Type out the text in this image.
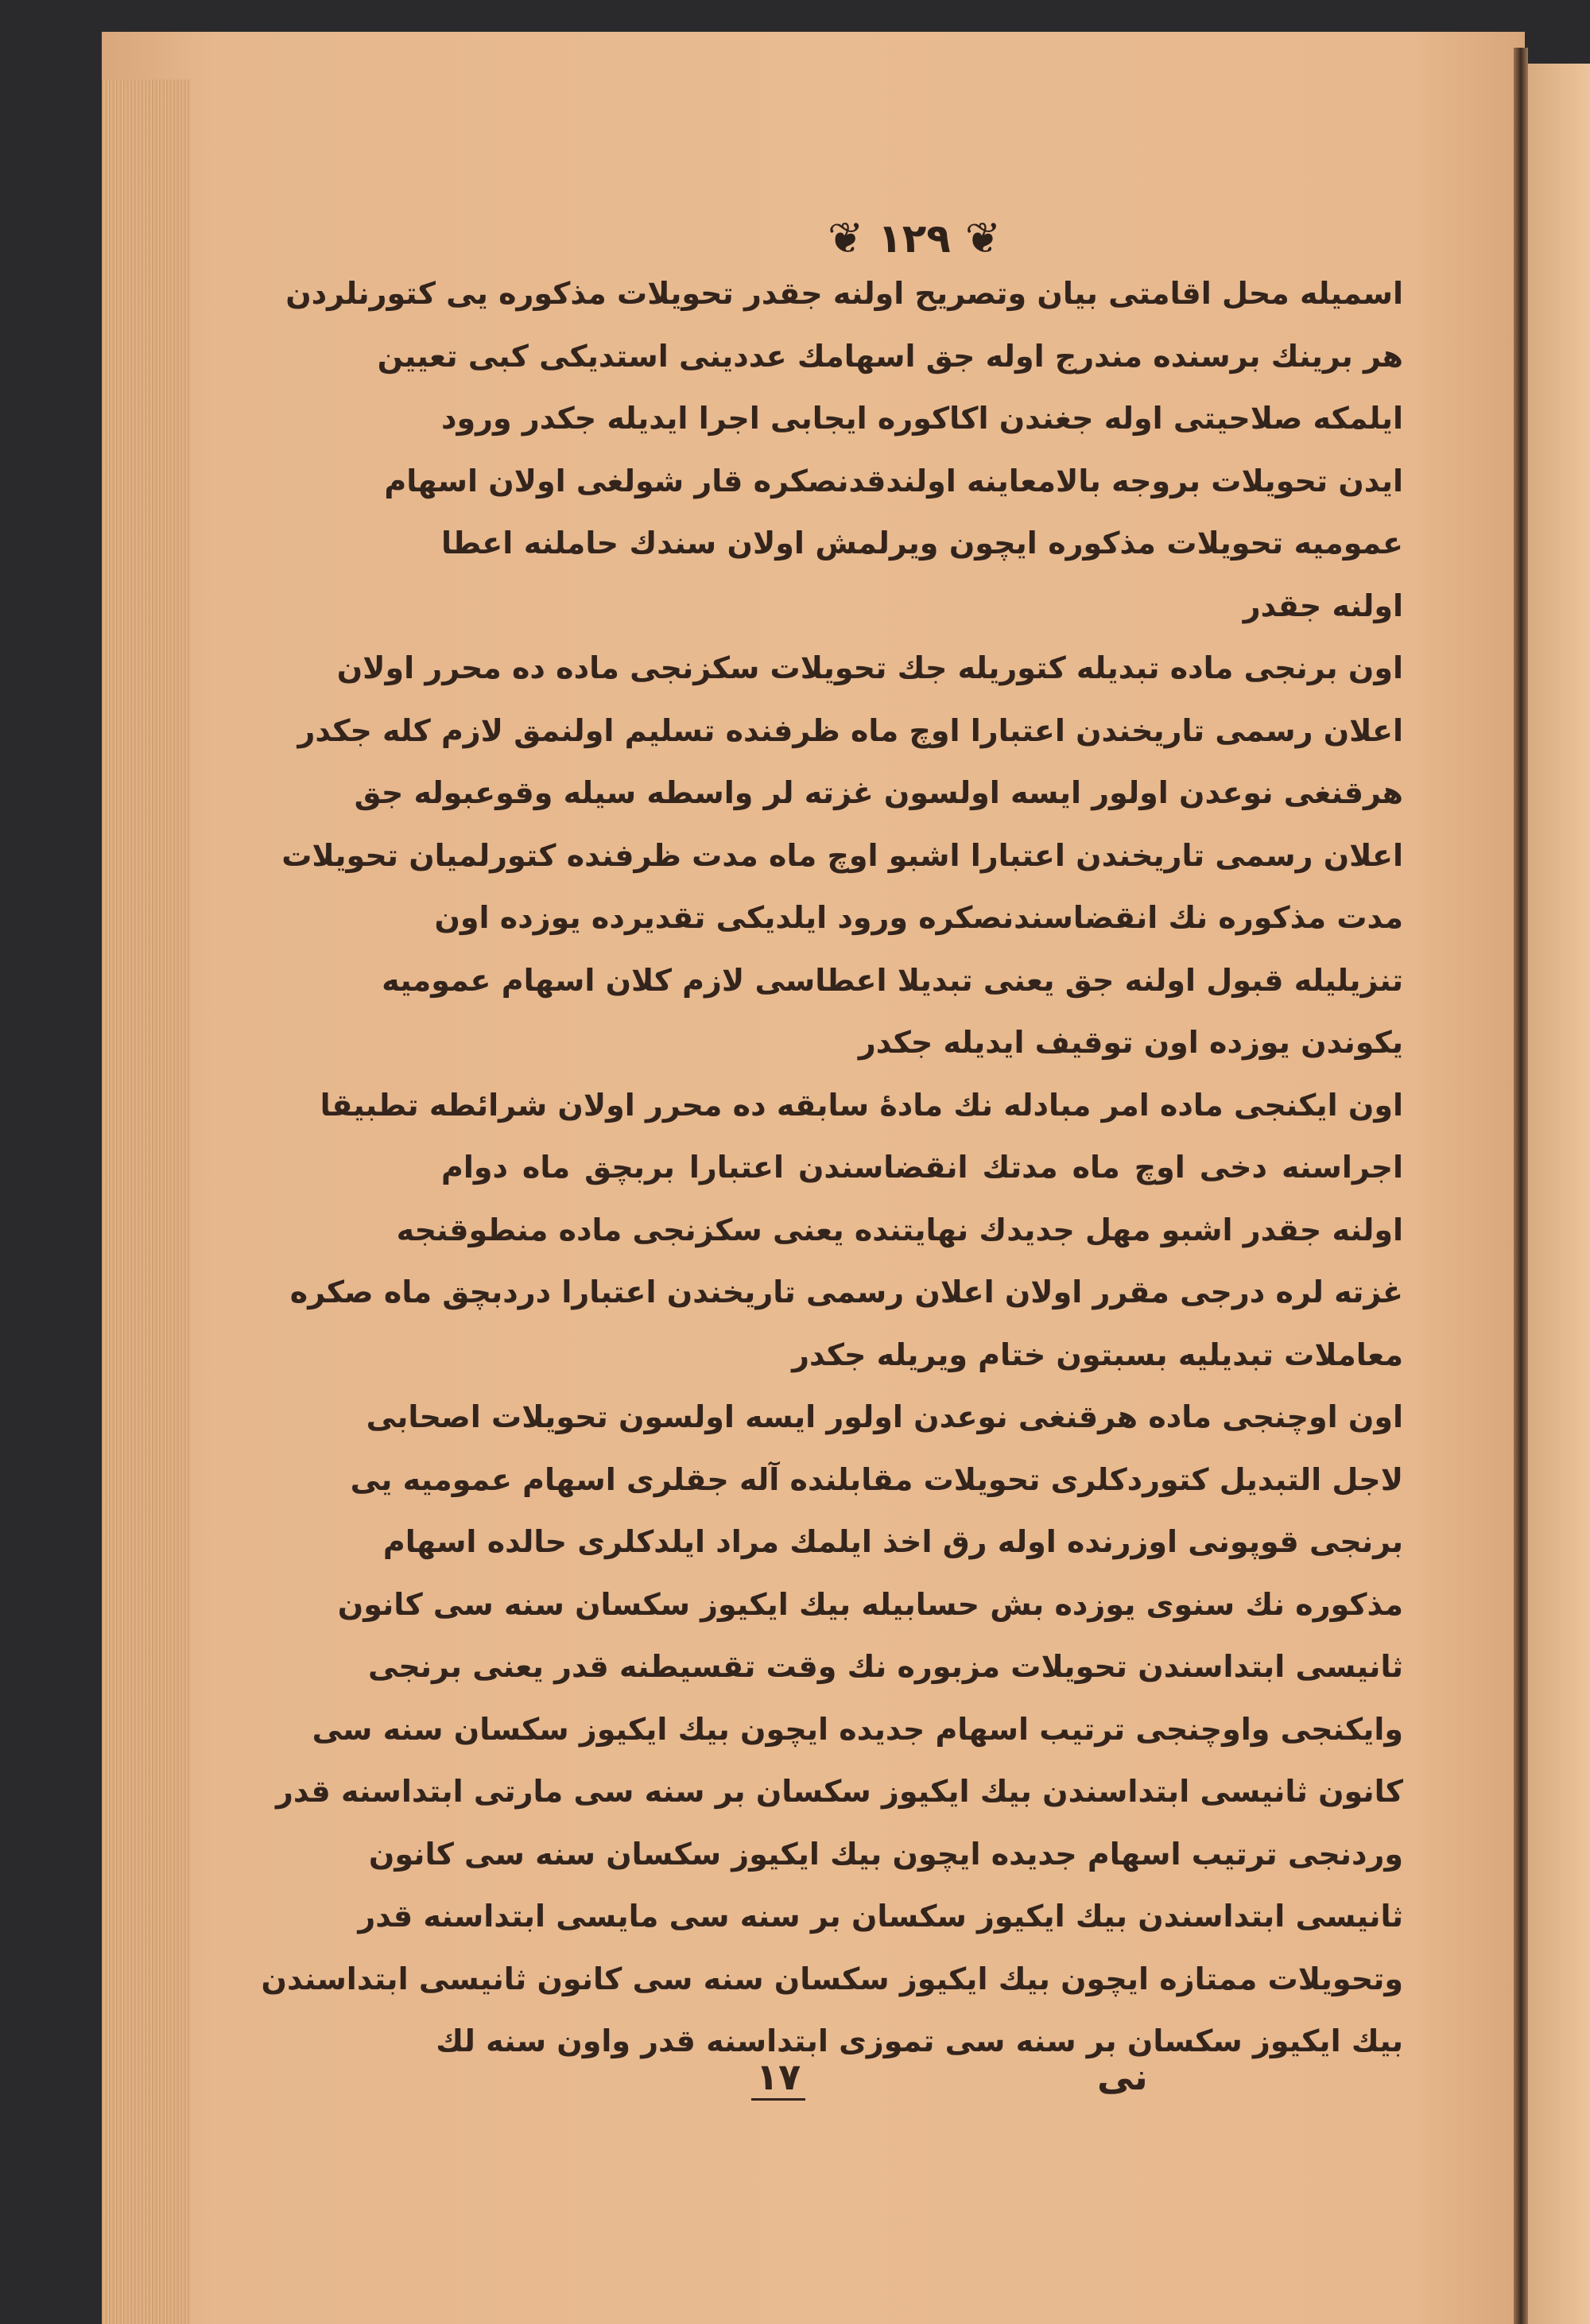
❦ ١٢٩ ❦
اسمیله محل اقامتی بیان وتصریح اولنه جقدر تحویلات مذکوره یی کتورنلردن
هر برینك برسنده مندرج اوله جق اسهامك عددینی استدیکی کبی تعیین
ایلمکه صلاحیتی اوله جغندن اکاکوره ایجابی اجرا ایدیله جکدر ورود
ایدن تحویلات بروجه بالامعاینه اولندقدنصکره قار شولغی اولان اسهام
عمومیه تحویلات مذکوره ایچون ویرلمش اولان سندك حاملنه اعطا
اولنه جقدر
اون برنجی ماده تبدیله کتوریله جك تحویلات سکزنجی ماده ده محرر اولان
اعلان رسمی تاریخندن اعتبارا اوچ ماه ظرفنده تسلیم اولنمق لازم کله جکدر
هرقنغی نوعدن اولور ایسه اولسون غزته لر واسطه سیله وقوعبوله جق
اعلان رسمی تاریخندن اعتبارا اشبو اوچ ماه مدت ظرفنده کتورلمیان تحویلات
مدت مذکوره نك انقضاسندنصکره ورود ایلدیکی تقدیرده یوزده اون
تنزیلیله قبول اولنه جق یعنی تبدیلا اعطاسی لازم کلان اسهام عمومیه
یکوندن یوزده اون توقیف ایدیله جکدر
اون ایکنجی ماده امر مبادله نك مادۀ سابقه ده محرر اولان شرائطه تطبیقا
اجراسنه دخی اوچ ماه مدتك انقضاسندن اعتبارا بربچق ماه دوام
اولنه جقدر اشبو مهل جدیدك نهایتنده یعنی سکزنجی ماده منطوقنجه
غزته لره درجی مقرر اولان اعلان رسمی تاریخندن اعتبارا دردبچق ماه صکره
معاملات تبدیلیه بسبتون ختام ویریله جکدر
اون اوچنجی ماده هرقنغی نوعدن اولور ایسه اولسون تحویلات اصحابی
لاجل التبدیل کتوردکلری تحویلات مقابلنده آله جقلری اسهام عمومیه یی
برنجی قوپونی اوزرنده اوله رق اخذ ایلمك مراد ایلدکلری حالده اسهام
مذکوره نك سنوی یوزده بش حسابیله بیك ایکیوز سکسان سنه سی کانون
ثانیسی ابتداسندن تحویلات مزبوره نك وقت تقسیطنه قدر یعنی برنجی
وایکنجی واوچنجی ترتیب اسهام جدیده ایچون بیك ایکیوز سکسان سنه سی
کانون ثانیسی ابتداسندن بیك ایکیوز سکسان بر سنه سی مارتی ابتداسنه قدر
وردنجی ترتیب اسهام جدیده ایچون بیك ایکیوز سکسان سنه سی کانون
ثانیسی ابتداسندن بیك ایکیوز سکسان بر سنه سی مایسی ابتداسنه قدر
وتحویلات ممتازه ایچون بیك ایکیوز سکسان سنه سی کانون ثانیسی ابتداسندن
بیك ایکیوز سکسان بر سنه سی تموزی ابتداسنه قدر واون سنه لك
١٧	نی
